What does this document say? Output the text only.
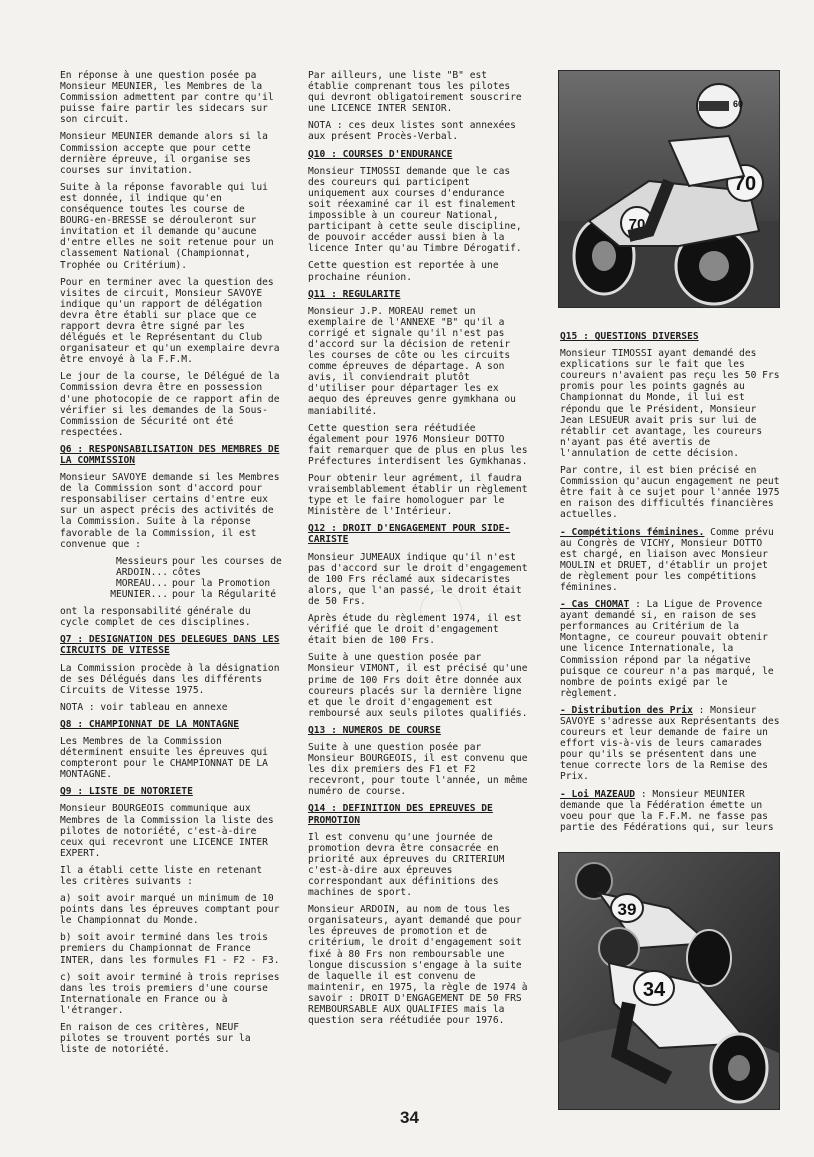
En réponse à une question posée pa Monsieur MEUNIER, les Membres de la Commission admettent par contre qu'il puisse faire partir les sidecars sur son circuit.

Monsieur MEUNIER demande alors si la Commission accepte que pour cette dernière épreuve, il organise ses courses sur invitation.

Suite à la réponse favorable qui lui est donnée, il indique qu'en conséquence toutes les course de BOURG-en-BRESSE se dérouleront sur invitation et il demande qu'aucune d'entre elles ne soit retenue pour un classement National (Championnat, Trophée ou Critérium).

Pour en terminer avec la question des visites de circuit, Monsieur SAVOYE indique qu'un rapport de délégation devra être établi sur place que ce rapport devra être signé par les délégués et le Représentant du Club organisateur et qu'un exemplaire devra être envoyé à la F.F.M.

Le jour de la course, le Délégué de la Commission devra être en possession d'une photocopie de ce rapport afin de vérifier si les demandes de la Sous-Commission de Sécurité ont été respectées.

Q6 : RESPONSABILISATION DES MEMBRES DE LA COMMISSION

Monsieur SAVOYE demande si les Membres de la Commission sont d'accord pour responsabiliser certains d'entre eux sur un aspect précis des activités de la Commission. Suite à la réponse favorable de la Commission, il est convenue que :

Messieurs ARDOIN...
pour les courses de côtes
MOREAU... pour la Promotion
MEUNIER... pour la Régularité

ont la responsabilité générale du cycle complet de ces disciplines.

Q7 : DESIGNATION DES DELEGUES DANS LES CIRCUITS DE VITESSE

La Commission procède à la désignation de ses Délégués dans les différents Circuits de Vitesse 1975.

NOTA : voir tableau en annexe

Q8 : CHAMPIONNAT DE LA MONTAGNE

Les Membres de la Commission déterminent ensuite les épreuves qui compteront pour le CHAMPIONNAT DE LA MONTAGNE.

Q9 : LISTE DE NOTORIETE

Monsieur BOURGEOIS communique aux Membres de la Commission la liste des pilotes de notoriété, c'est-à-dire ceux qui recevront une LICENCE INTER EXPERT.

Il a établi cette liste en retenant les critères suivants :

a) soit avoir marqué un minimum de 10 points dans les épreuves comptant pour le Championnat du Monde.

b) soit avoir terminé dans les trois premiers du Championnat de France INTER, dans les formules F1 - F2 - F3.

c) soit avoir terminé à trois reprises dans les trois premiers d'une course Internationale en France ou à l'étranger.

En raison de ces critères, NEUF pilotes se trouvent portés sur la liste de notoriété.

Par ailleurs, une liste "B" est établie comprenant tous les pilotes qui devront obligatoirement souscrire une LICENCE INTER SENIOR.

NOTA : ces deux listes sont annexées aux présent Procès-Verbal.

Q10 : COURSES D'ENDURANCE

Monsieur TIMOSSI demande que le cas des coureurs qui participent uniquement aux courses d'endurance soit réexaminé car il est finalement impossible à un coureur National, participant à cette seule discipline, de pouvoir accéder aussi bien à la licence Inter qu'au Timbre Dérogatif.

Cette question est reportée à une prochaine réunion.

Q11 : REGULARITE

Monsieur J.P. MOREAU remet un exemplaire de l'ANNEXE "B" qu'il a corrigé et signale qu'il n'est pas d'accord sur la décision de retenir les courses de côte ou les circuits comme épreuves de départage. A son avis, il conviendrait plutôt d'utiliser pour départager les ex aequo des épreuves genre gymkhana ou maniabilité.

Cette question sera réétudiée également pour 1976 Monsieur DOTTO fait remarquer que de plus en plus les Préfectures interdisent les Gymkhanas.

Pour obtenir leur agrément, il faudra vraisemblablement établir un règlement type et le faire homologuer par le Ministère de l'Intérieur.

Q12 : DROIT D'ENGAGEMENT POUR SIDE-CARISTE

Monsieur JUMEAUX indique qu'il n'est pas d'accord sur le droit d'engagement de 100 Frs réclamé aux sidecaristes alors, que l'an passé, le droit était de 50 Frs.

Après étude du règlement 1974, il est vérifié que le droit d'engagement était bien de 100 Frs.

Suite à une question posée par Monsieur VIMONT, il est précisé qu'une prime de 100 Frs doit être donnée aux coureurs placés sur la dernière ligne et que le droit d'engagement est remboursé aux seuls pilotes qualifiés.

Q13 : NUMEROS DE COURSE

Suite à une question posée par Monsieur BOURGEOIS, il est convenu que les dix premiers des F1 et F2 recevront, pour toute l'année, un même numéro de course.

Q14 : DEFINITION DES EPREUVES DE PROMOTION

Il est convenu qu'une journée de promotion devra être consacrée en priorité aux épreuves du CRITERIUM c'est-à-dire aux épreuves correspondant aux définitions des machines de sport.

Monsieur ARDOIN, au nom de tous les organisateurs, ayant demandé que pour les épreuves de promotion et de critérium, le droit d'engagement soit fixé à 80 Frs non remboursable une longue discussion s'engage à la suite de laquelle il est convenu de maintenir, en 1975, la règle de 1974 à savoir : DROIT D'ENGAGEMENT DE 50 FRS REMBOURSABLE AUX QUALIFIES mais la question sera réétudiée pour 1976.

70
70
60

Q15 : QUESTIONS DIVERSES

Monsieur TIMOSSI ayant demandé des explications sur le fait que les coureurs n'avaient pas reçu les 50 Frs promis pour les points gagnés au Championnat du Monde, il lui est répondu que le Président, Monsieur Jean LESUEUR avait pris sur lui de rétablir cet avantage, les coureurs n'ayant pas été avertis de l'annulation de cette décision.

Par contre, il est bien précisé en Commission qu'aucun engagement ne peut être fait à ce sujet pour l'année 1975 en raison des difficultés financières actuelles.

- Compétitions féminines. Comme prévu au Congrès de VICHY, Monsieur DOTTO est chargé, en liaison avec Monsieur MOULIN et DRUET, d'établir un projet de règlement pour les compétitions féminines.

- Cas CHOMAT : La Ligue de Provence ayant demandé si, en raison de ses performances au Critérium de la Montagne, ce coureur pouvait obtenir une licence Internationale, la Commission répond par la négative puisque ce coureur n'a pas marqué, le nombre de points exigé par le règlement.

- Distribution des Prix : Monsieur SAVOYE s'adresse aux Représentants des coureurs et leur demande de faire un effort vis-à-vis de leurs camarades pour qu'ils se présentent dans une tenue correcte lors de la Remise des Prix.

- Loi MAZEAUD : Monsieur MEUNIER demande que la Fédération émette un voeu pour que la F.F.M. ne fasse pas partie des Fédérations qui, sur leurs

39
34
34
